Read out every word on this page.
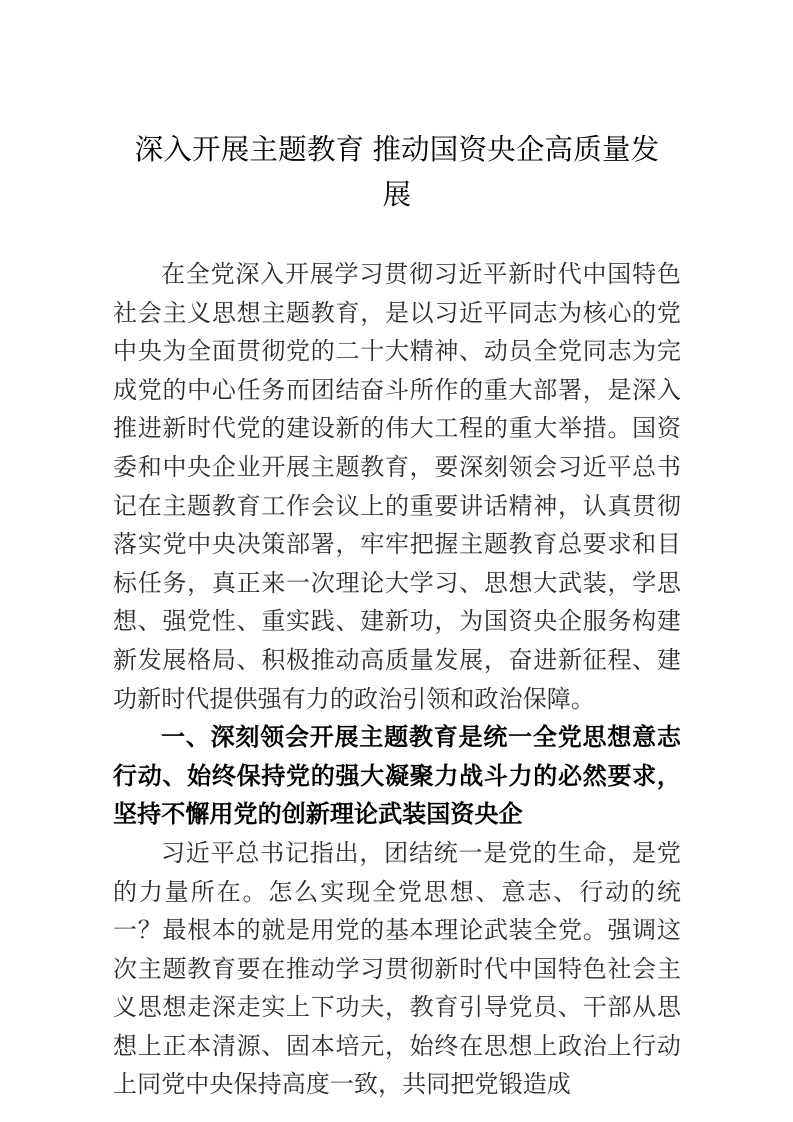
深入开展主题教育 推动国资央企高质量发
展

在全党深入开展学习贯彻习近平新时代中国特色社会主义思想主题教育，是以习近平同志为核心的党中央为全面贯彻党的二十大精神、动员全党同志为完成党的中心任务而团结奋斗所作的重大部署，是深入推进新时代党的建设新的伟大工程的重大举措。国资委和中央企业开展主题教育，要深刻领会习近平总书记在主题教育工作会议上的重要讲话精神，认真贯彻落实党中央决策部署，牢牢把握主题教育总要求和目标任务，真正来一次理论大学习、思想大武装，学思想、强党性、重实践、建新功，为国资央企服务构建新发展格局、积极推动高质量发展，奋进新征程、建功新时代提供强有力的政治引领和政治保障。

一、深刻领会开展主题教育是统一全党思想意志行动、始终保持党的强大凝聚力战斗力的必然要求，坚持不懈用党的创新理论武装国资央企

习近平总书记指出，团结统一是党的生命，是党的力量所在。怎么实现全党思想、意志、行动的统一？最根本的就是用党的基本理论武装全党。强调这次主题教育要在推动学习贯彻新时代中国特色社会主义思想走深走实上下功夫，教育引导党员、干部从思想上正本清源、固本培元，始终在思想上政治上行动上同党中央保持高度一致，共同把党锻造成
